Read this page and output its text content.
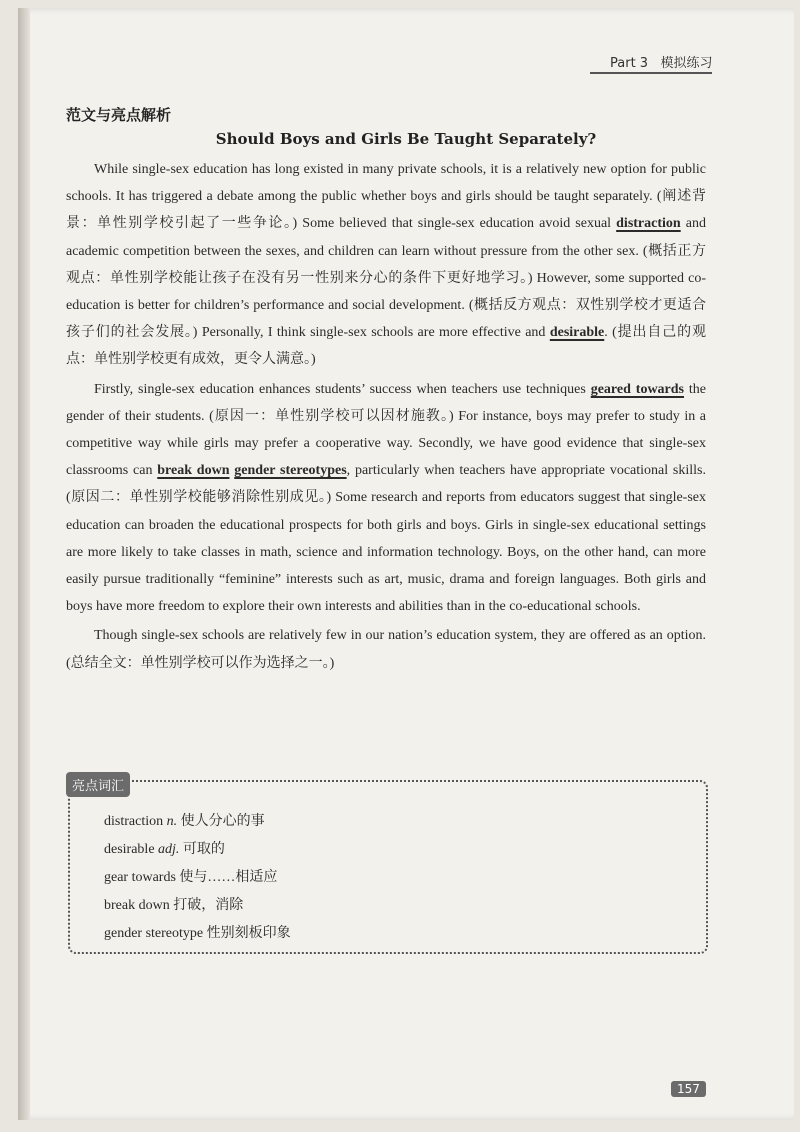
Part 3 模拟练习
范文与亮点解析
Should Boys and Girls Be Taught Separately?

While single-sex education has long existed in many private schools, it is a relatively new option for public schools. It has triggered a debate among the public whether boys and girls should be taught separately. (阐述背景：单性别学校引起了一些争论。) Some believed that single-sex education avoid sexual distraction and academic competition between the sexes, and children can learn without pressure from the other sex. (概括正方观点：单性别学校能让孩子在没有另一性别来分心的条件下更好地学习。) However, some supported co-education is better for children’s performance and social development. (概括反方观点：双性别学校才更适合孩子们的社会发展。) Personally, I think single-sex schools are more effective and desirable. (提出自己的观点：单性别学校更有成效，更令人满意。)

Firstly, single-sex education enhances students’ success when teachers use techniques geared towards the gender of their students. (原因一：单性别学校可以因材施教。) For instance, boys may prefer to study in a competitive way while girls may prefer a cooperative way. Secondly, we have good evidence that single-sex classrooms can break down gender stereotypes, particularly when teachers have appropriate vocational skills. (原因二：单性别学校能够消除性别成见。) Some research and reports from educators suggest that single-sex education can broaden the educational prospects for both girls and boys. Girls in single-sex educational settings are more likely to take classes in math, science and information technology. Boys, on the other hand, can more easily pursue traditionally “feminine” interests such as art, music, drama and foreign languages. Both girls and boys have more freedom to explore their own interests and abilities than in the co-educational schools.

Though single-sex schools are relatively few in our nation’s education system, they are offered as an option. (总结全文：单性别学校可以作为选择之一。)

亮点词汇
distraction n. 使人分心的事
desirable adj. 可取的
gear towards 使与……相适应
break down 打破，消除
gender stereotype 性别刻板印象
157
